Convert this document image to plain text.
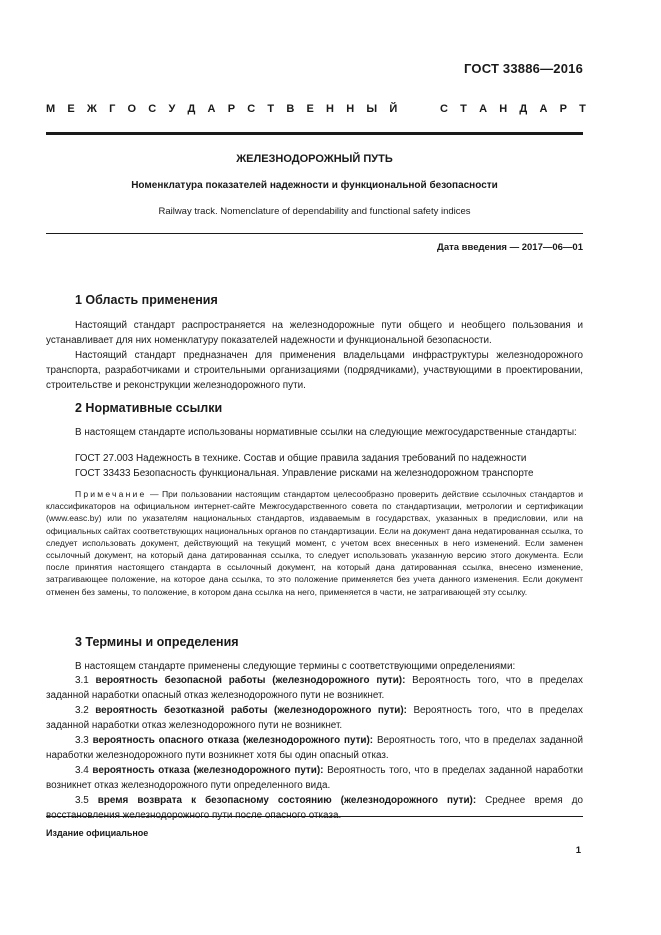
ГОСТ 33886—2016
М Е Ж Г О С У Д А Р С Т В Е Н Н Ы Й

	С Т А Н Д А Р Т
ЖЕЛЕЗНОДОРОЖНЫЙ ПУТЬ
Номенклатура показателей надежности и функциональной безопасности
Railway track. Nomenclature of dependability and functional safety indices
Дата введения — 2017—06—01
1 Область применения
Настоящий стандарт распространяется на железнодорожные пути общего и необщего пользования и устанавливает для них номенклатуру показателей надежности и функциональной безопасности.
Настоящий стандарт предназначен для применения владельцами инфраструктуры железнодорожного транспорта, разработчиками и строительными организациями (подрядчиками), участвующими в проектировании, строительстве и реконструкции железнодорожного пути.
2 Нормативные ссылки
В настоящем стандарте использованы нормативные ссылки на следующие межгосударственные стандарты:
ГОСТ 27.003 Надежность в технике. Состав и общие правила задания требований по надежности
ГОСТ 33433 Безопасность функциональная. Управление рисками на железнодорожном транспорте
Примечание — При пользовании настоящим стандартом целесообразно проверить действие ссылочных стандартов и классификаторов на официальном интернет-сайте Межгосударственного совета по стандартизации, метрологии и сертификации (www.easc.by) или по указателям национальных стандартов, издаваемым в государствах, указанных в предисловии, или на официальных сайтах соответствующих национальных органов по стандартизации. Если на документ дана недатированная ссылка, то следует использовать документ, действующий на текущий момент, с учетом всех внесенных в него изменений. Если заменен ссылочный документ, на который дана датированная ссылка, то следует использовать указанную версию этого документа. Если после принятия настоящего стандарта в ссылочный документ, на который дана датированная ссылка, внесено изменение, затрагивающее положение, на которое дана ссылка, то это положение применяется без учета данного изменения. Если документ отменен без замены, то положение, в котором дана ссылка на него, применяется в части, не затрагивающей эту ссылку.
3 Термины и определения
В настоящем стандарте применены следующие термины с соответствующими определениями:
3.1 вероятность безопасной работы (железнодорожного пути): Вероятность того, что в пределах заданной наработки опасный отказ железнодорожного пути не возникнет.
3.2 вероятность безотказной работы (железнодорожного пути): Вероятность того, что в пределах заданной наработки отказ железнодорожного пути не возникнет.
3.3 вероятность опасного отказа (железнодорожного пути): Вероятность того, что в пределах заданной наработки железнодорожного пути возникнет хотя бы один опасный отказ.
3.4 вероятность отказа (железнодорожного пути): Вероятность того, что в пределах заданной наработки возникнет отказ железнодорожного пути определенного вида.
3.5 время возврата к безопасному состоянию (железнодорожного пути): Среднее время до
Издание официальное
1
